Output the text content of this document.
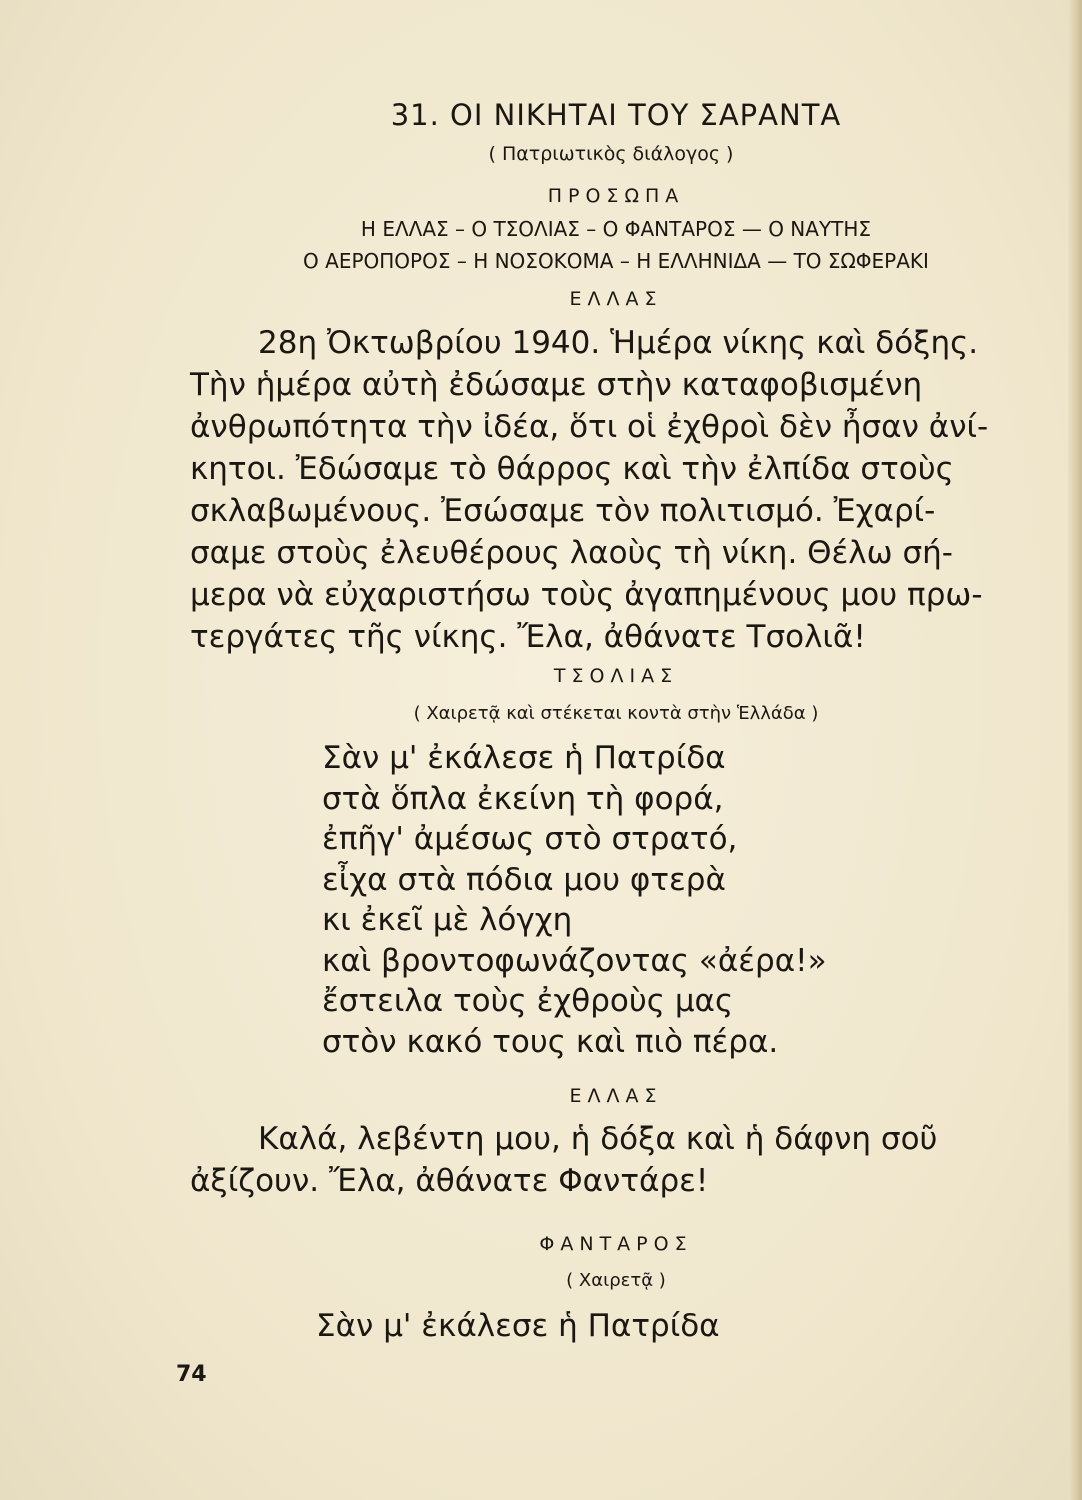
31. ΟΙ ΝΙΚΗΤΑΙ ΤΟΥ ΣΑΡΑΝΤΑ
( Πατριωτικὸς διάλογος )
ΠΡΟΣΩΠΑ
Η ΕΛΛΑΣ – Ο ΤΣΟΛΙΑΣ – Ο ΦΑΝΤΑΡΟΣ — Ο ΝΑΥΤΗΣ
Ο ΑΕΡΟΠΟΡΟΣ – Η ΝΟΣΟΚΟΜΑ – Η ΕΛΛΗΝΙΔΑ — ΤΟ ΣΩΦΕΡΑΚΙ
ΕΛΛΑΣ
28η Ὀκτωβρίου 1940. Ἡμέρα νίκης καὶ δόξης.
Τὴν ἡμέρα αὐτὴ ἐδώσαμε στὴν καταφοβισμένη
ἀνθρωπότητα τὴν ἰδέα, ὅτι οἱ ἐχθροὶ δὲν ἦσαν ἀνί-
κητοι. Ἐδώσαμε τὸ θάρρος καὶ τὴν ἐλπίδα στοὺς
σκλαβωμένους. Ἐσώσαμε τὸν πολιτισμό. Ἐχαρί-
σαμε στοὺς ἐλευθέρους λαοὺς τὴ νίκη. Θέλω σή-
μερα νὰ εὐχαριστήσω τοὺς ἀγαπημένους μου πρω-
τεργάτες τῆς νίκης. Ἔλα, ἀθάνατε Τσολιᾶ!
ΤΣΟΛΙΑΣ
( Χαιρετᾷ καὶ στέκεται κοντὰ στὴν Ἑλλάδα )
Σὰν μ' ἐκάλεσε ἡ Πατρίδα
στὰ ὅπλα ἐκείνη τὴ φορά,
ἐπῆγ' ἀμέσως στὸ στρατό,
εἶχα στὰ πόδια μου φτερὰ
κι ἐκεῖ μὲ λόγχη
καὶ βροντοφωνάζοντας «ἀέρα!»
ἔστειλα τοὺς ἐχθροὺς μας
στὸν κακό τους καὶ πιὸ πέρα.
ΕΛΛΑΣ
Καλά, λεβέντη μου, ἡ δόξα καὶ ἡ δάφνη σοῦ
ἀξίζουν. Ἔλα, ἀθάνατε Φαντάρε!
ΦΑΝΤΑΡΟΣ
( Χαιρετᾷ )
Σὰν μ' ἐκάλεσε ἡ Πατρίδα
74
